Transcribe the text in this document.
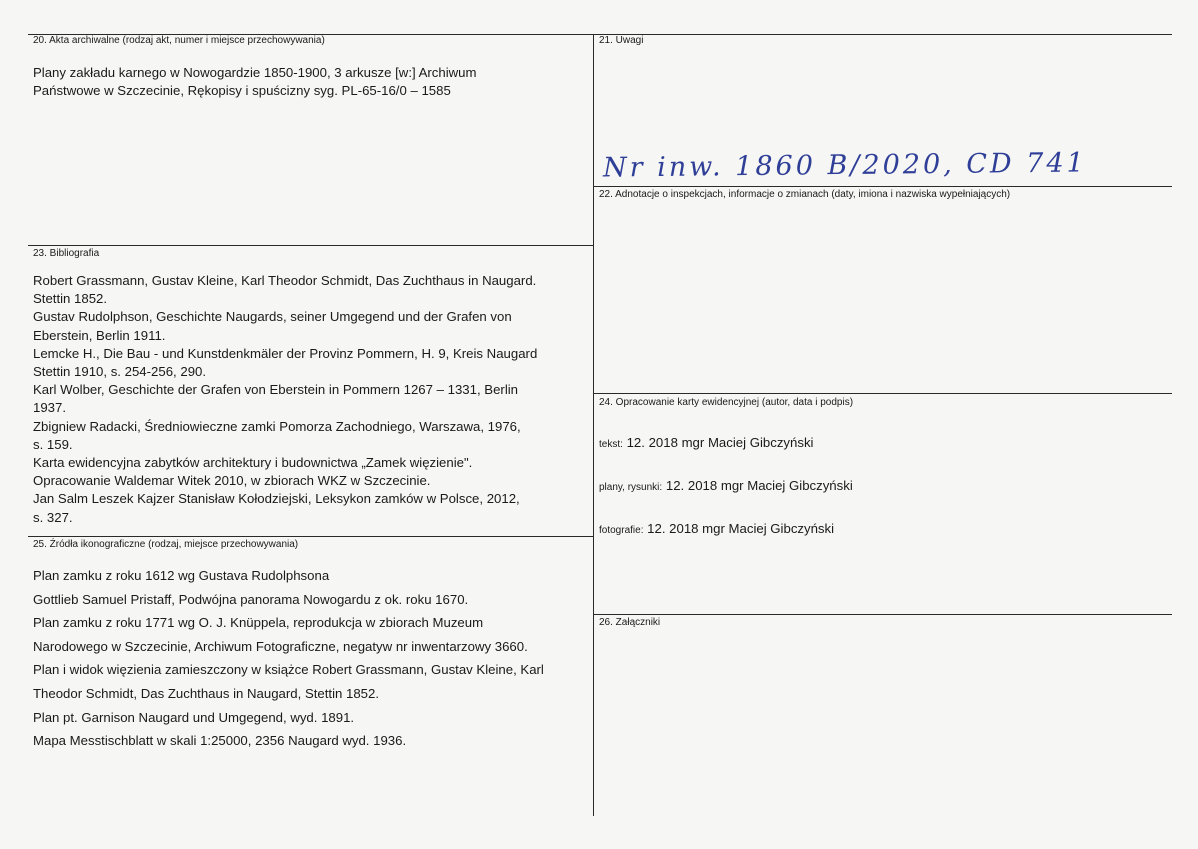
20. Akta archiwalne (rodzaj akt, numer i miejsce przechowywania)
Plany zakładu karnego w Nowogardzie 1850-1900, 3 arkusze [w:] Archiwum
Państwowe w Szczecinie, Rękopisy i spuścizny syg. PL-65-16/0 – 1585
21. Uwagi
Nr inw. 1860 B/2020, CD 741
22. Adnotacje o inspekcjach, informacje o zmianach (daty, imiona i nazwiska wypełniających)
23. Bibliografia
Robert Grassmann, Gustav Kleine, Karl Theodor Schmidt, Das Zuchthaus in Naugard.
Stettin 1852.
Gustav Rudolphson, Geschichte Naugards, seiner Umgegend und der Grafen von
Eberstein, Berlin 1911.
Lemcke H., Die Bau - und Kunstdenkmäler der Provinz Pommern, H. 9, Kreis Naugard
Stettin 1910, s. 254-256, 290.
Karl Wolber, Geschichte der Grafen von Eberstein in Pommern 1267 – 1331, Berlin
1937.
Zbigniew Radacki, Średniowieczne zamki Pomorza Zachodniego, Warszawa, 1976,
s. 159.
Karta ewidencyjna zabytków architektury i budownictwa „Zamek więzienie".
Opracowanie Waldemar Witek 2010, w zbiorach WKZ w Szczecinie.
Jan Salm Leszek Kajzer Stanisław Kołodziejski, Leksykon zamków w Polsce, 2012,
s. 327.
24. Opracowanie karty ewidencyjnej (autor, data i podpis)
tekst: 12. 2018 mgr Maciej Gibczyński
plany, rysunki: 12. 2018 mgr Maciej Gibczyński
fotografie: 12. 2018 mgr Maciej Gibczyński
25. Źródła ikonograficzne (rodzaj, miejsce przechowywania)
Plan zamku z roku 1612 wg Gustava Rudolphsona
Gottlieb Samuel Pristaff, Podwójna panorama Nowogardu z ok. roku 1670.
Plan zamku z roku 1771 wg O. J. Knüppela, reprodukcja w zbiorach Muzeum
Narodowego w Szczecinie, Archiwum Fotograficzne, negatyw nr inwentarzowy 3660.
Plan i widok więzienia zamieszczony w książce Robert Grassmann, Gustav Kleine, Karl
Theodor Schmidt, Das Zuchthaus in Naugard, Stettin 1852.
Plan pt. Garnison Naugard und Umgegend, wyd. 1891.
Mapa Messtischblatt w skali 1:25000, 2356 Naugard wyd. 1936.
26. Załączniki
